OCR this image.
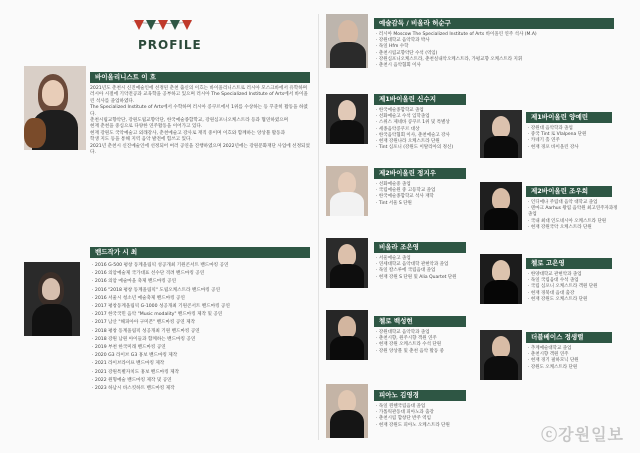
PROFILE
바이올리니스트 이 흐

2021년도 춘천시 신진예술인에 선정된 춘천 출신의 이흐는 바이올리니스트로 러시아 모스크바에서 유학하며

러시아 시절에 기악전공과 교육학을 공부하고 있으며 러시아 The Specialized Institute of Arts에서 바이올린 석사를 졸업하였다.

The Specialized Institute of Arts에서 수학하며 러시아 콩쿠르에서 1위를 수상하는 등 꾸준히 활동을 하였다.

춘천시립교향악단, 강원도립교향악단, 한국예술종합학교, 강원심포니오케스트라 등과 협연하였으며

현재 춘천을 중심으로 다양한 연주활동을 이어가고 있다.

현재 강원도 국악예술고 외래강사, 춘천예술고 강사로 재직 중이며 이흐와 함께하는 앙상블 활동과

학생 지도 등을 통해 지역 음악 발전에 힘쓰고 있다.

2021년 춘천시 신진예술인에 선정되어 여러 공연을 진행하였으며 2022년에는 강원문화재단 사업에 선정되었다.

밴드작가 시 최
· 2016 G-500 평창 동계올림픽 성공개최 기원콘서트 밴드마킹 공연
· 2016 의암예술제 국가대표 선수단 격려 밴드마킹 공연
· 2016 의암 예술마을 축제 밴드마킹 공연
· 2016 "2018 평창 동계올림픽" 도립오케스트라 밴드마킹 공연
· 2016 서울시 청소년 예술축제 밴드마킹 공연
· 2017 평창동계올림픽 G-1000 성공개최 기원콘서트 밴드마킹 공연
· 2017 한국국민 음악 "Music modality" 밴드마킹 제작 및 공연
· 2017 남산 "해피아아 구미폰" 밴드마킹 공연 제작
· 2018 평창 동계올림픽 성공개최 기원 밴드마킹 공연
· 2018 강원 남원 아이들과 함께하는 밴드마킹 공연
· 2019 부천 한국미래 밴드마킹 공연
· 2020 G3 라이브 G3 홍보 밴드마킹 제작
· 2021 라이브라이프 밴드마킹 제작
· 2021 강원특별자치도 홍보 밴드마킹 제작
· 2022 원형예술 밴드마킹 제작 및 공연
· 2023 하남시 바스킷하트 밴드마킹 제작
예술감독 / 비올라 허순구
· 러시아 Moscow The Specialized Institute of Arts 바이올린 연주 석사 (M.A)
· 강원대학교 음악학과 박사
· 독일 Hfm 수학
· 춘천시립교향악단 수석 (역임)
· 강원심포니오케스트라, 춘천실내악오케스트라, 가평교향 오케스트라 지휘
· 춘천시 음악협회 이사
제1바이올린 신수지
· 한국예술종합학교 졸업
· 선화예술고 수석 입학졸업
· 스위스 제네바 콩쿠르 1위 및 특별상
· 세종음악콩쿠르 대상
· 한국음악협회 이사, 춘천예술고 강사
· 현재 강원나라 오케스트라 단원
· Tint 심포니 (강원도 이탈리아의 정신)
제1바이올린 양예린
· 강원대 음악학과 졸업
· 중국 Tint 로 Vlalpena 단원
· 카네기 홀 연주
· 현재 경포 바이올린 강사
제2바이올린 정지우
· 선화예술중 졸업
· 국립예술원 중 고등학교 졸업
· 한국예술종합학교 석사 재학
· Tint 서울 S 단원
제2바이올린 조우희
· 인디애나 주립대 음악 대학교 졸업
· 덴마크 Aarhus 왕립 음악원 최고연주자과정 졸업
· 국내 최대 인도네시아 오케스트라 단원
· 현재 강원국악 오케스트라 단원
비올라 조은영
· 서울예술고 졸업
· 연세대학교 음악대학 관현악과 졸업
· 독일 칼스루에 국립음대 졸업
· 현재 강원 S 단원 및 Alia Quartet 단원
첼로 고은영
· 한양대학교 관현악과 졸업
· 독일 국립음대 수석 졸업
· 국립 심포니 오케스트라 객원 단원
· 현재 경북대 음대 출강
· 현재 강원도 오케스트라 단원
첼로 백성현
· 강원대학교 음악학과 졸업
· 춘천시향, 원주시향 객원 연주
· 현재 강원 오케스트라 수석 단원
· 강원 앙상블 및 춘천 음악 활동 중
더블베이스 정생렬
· 추계예술대학교 졸업
· 춘천시향 객원 연주
· 현재 경기 필하모닉 단원
· 강원도 오케스트라 단원
피아노 김영경
· 독일 뮌헨국립음대 졸업
· 가톨릭관동대 피아노과 출강
· 춘천시립 합창단 반주 역임
· 현재 강원도 피아노 오케스트라 단원	ⓒ강원일보
